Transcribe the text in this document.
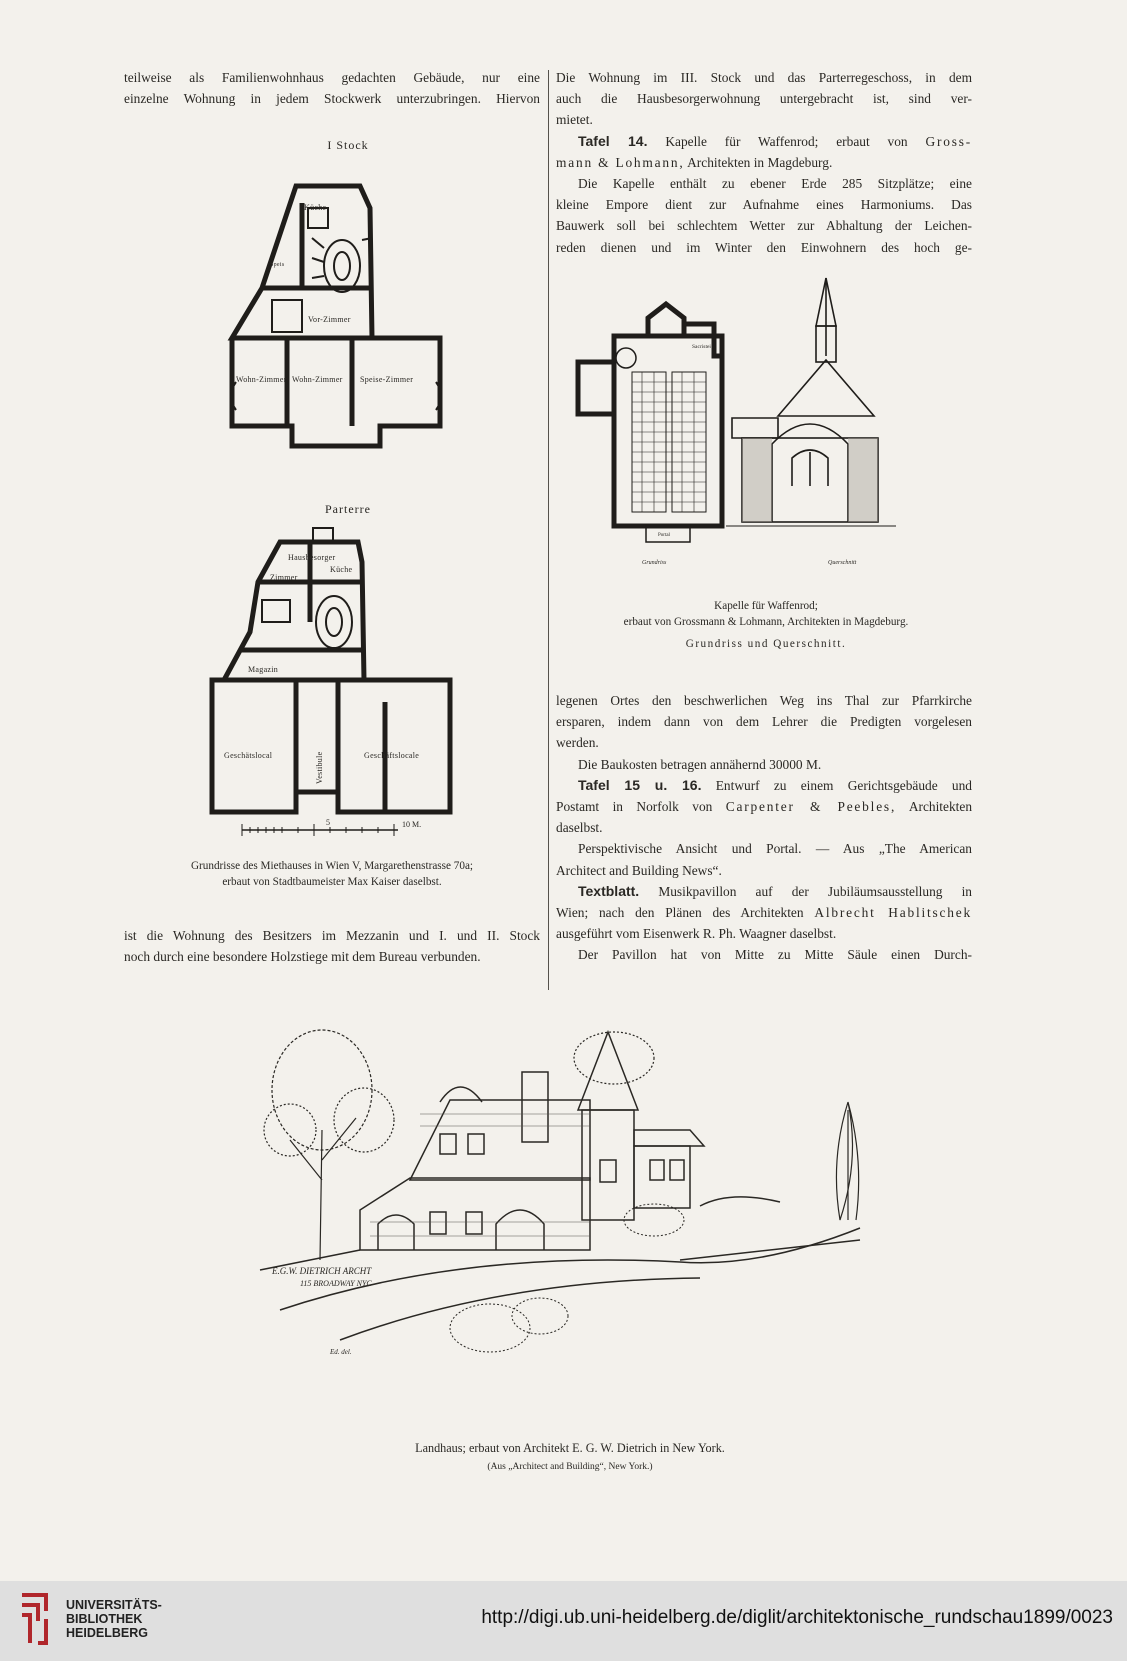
teilweise als Familienwohnhaus gedachten Gebäude, nur eine

einzelne Wohnung in jedem Stockwerk unterzubringen. Hiervon

I Stock
Küche
Speis
Vor-Zimmer
Wohn-Zimmer Wohn-Zimmer Speise-Zimmer
Parterre
Hausbesorger
Zimmer
Küche
Magazin
Geschätslocal	Vestibule	Geschäftslocale
5	10 M.
Grundrisse des Miethauses in Wien V, Margarethenstrasse 70a;
erbaut von Stadtbaumeister Max Kaiser daselbst.

ist die Wohnung des Besitzers im Mezzanin und I. und II. Stock

noch durch eine besondere Holzstiege mit dem Bureau verbunden.

Die Wohnung im III. Stock und das Parterregeschoss, in dem

auch die Hausbesorgerwohnung untergebracht ist, sind ver-

mietet.

Tafel 14. Kapelle für Waffenrod; erbaut von Gross-

mann & Lohmann, Architekten in Magdeburg.

Die Kapelle enthält zu ebener Erde 285 Sitzplätze; eine

kleine Empore dient zur Aufnahme eines Harmoniums. Das

Bauwerk soll bei schlechtem Wetter zur Abhaltung der Leichen-

reden dienen und im Winter den Einwohnern des hoch ge-

Sacristei
Portal
Grundriss	Querschnitt
Kapelle für Waffenrod;
erbaut von Grossmann & Lohmann, Architekten in Magdeburg.
Grundriss und Querschnitt.

legenen Ortes den beschwerlichen Weg ins Thal zur Pfarrkirche

ersparen, indem dann von dem Lehrer die Predigten vorgelesen

werden.

Die Baukosten betragen annähernd 30000 M.

Tafel 15 u. 16. Entwurf zu einem Gerichtsgebäude und

Postamt in Norfolk von Carpenter & Peebles, Architekten

daselbst.

Perspektivische Ansicht und Portal. — Aus „The American

Architect and Building News“.

Textblatt. Musikpavillon auf der Jubiläumsausstellung in

Wien; nach den Plänen des Architekten Albrecht Hablitschek

ausgeführt vom Eisenwerk R. Ph. Waagner daselbst.

Der Pavillon hat von Mitte zu Mitte Säule einen Durch-

E.G.W. DIETRICH ARCHT
115 BROADWAY NYC
Ed. del.
Landhaus; erbaut von Architekt E. G. W. Dietrich in New York.
(Aus „Architect and Building“, New York.)
UNIVERSITÄTS-
BIBLIOTHEK
HEIDELBERG
http://digi.ub.uni-heidelberg.de/diglit/architektonische_rundschau1899/0023
